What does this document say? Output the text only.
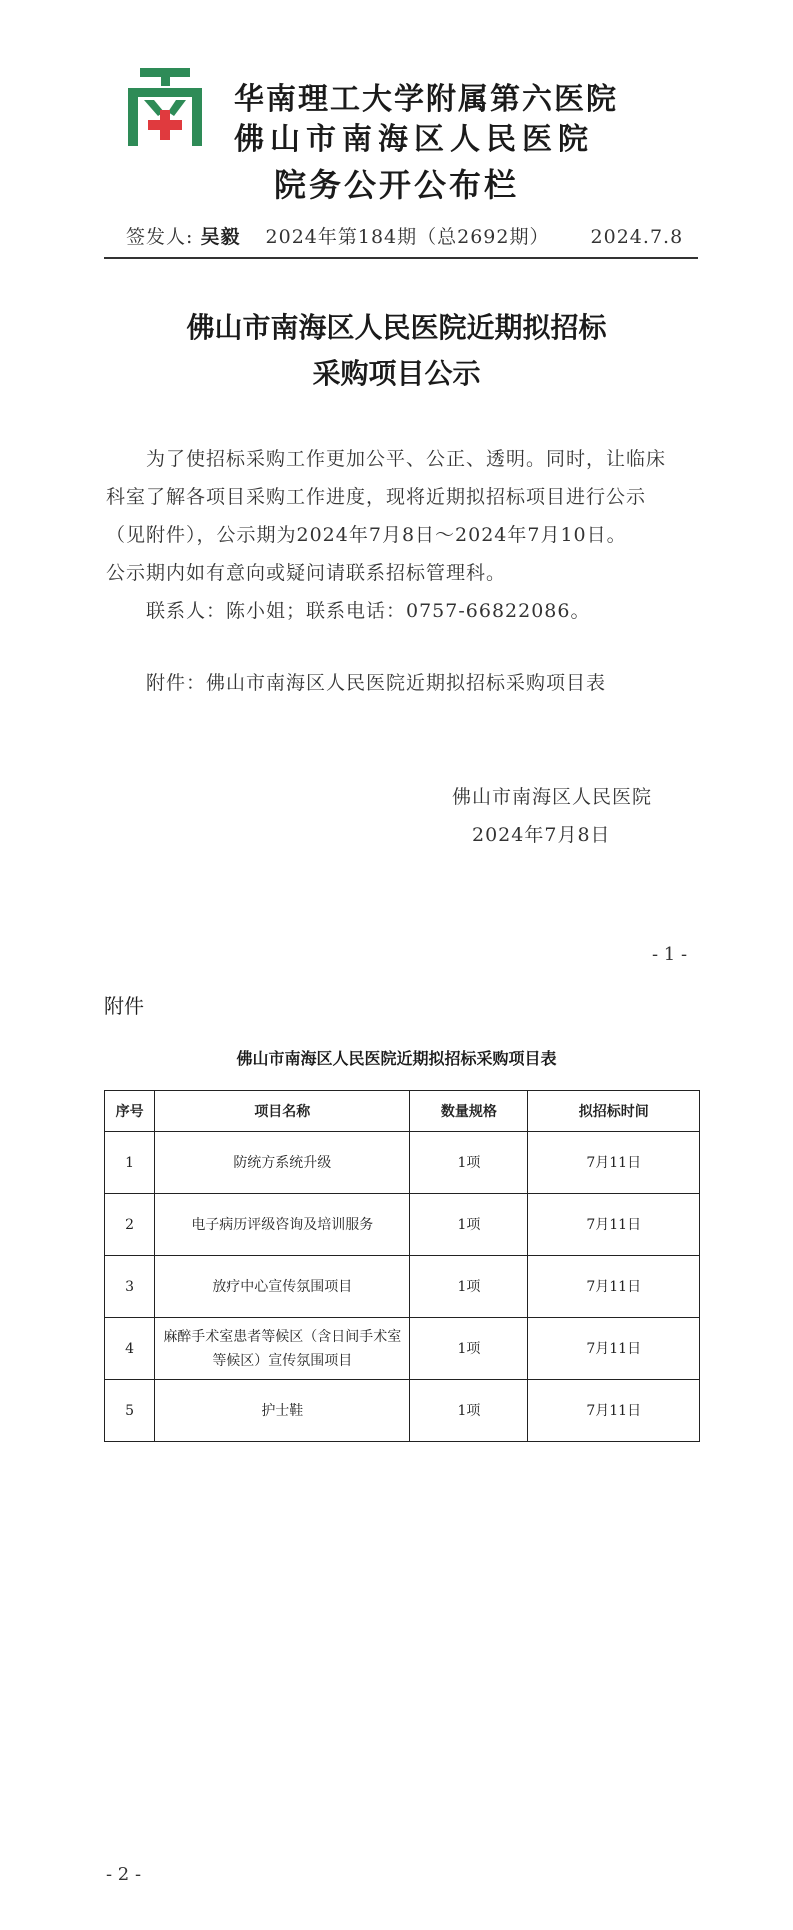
华南理工大学附属第六医院
佛山市南海区人民医院
院务公开公布栏
签发人: 吴毅 2024年第184期（总2692期） 2024.7.8
佛山市南海区人民医院近期拟招标
采购项目公示

为了使招标采购工作更加公平、公正、透明。同时，让临床

科室了解各项目采购工作进度，现将近期拟招标项目进行公示

（见附件），公示期为2024年7月8日～2024年7月10日。

公示期内如有意向或疑问请联系招标管理科。

联系人：陈小姐；联系电话：0757-66822086。

附件：佛山市南海区人民医院近期拟招标采购项目表
佛山市南海区人民医院
2024年7月8日
- 1 -
附件
佛山市南海区人民医院近期拟招标采购项目表
序号	项目名称	数量规格	拟招标时间
1	防统方系统升级	1项	7月11日
2	电子病历评级咨询及培训服务	1项	7月11日
3	放疗中心宣传氛围项目	1项	7月11日
4	麻醉手术室患者等候区（含日间手术室等候区）宣传氛围项目	1项	7月11日
5	护士鞋	1项	7月11日
- 2 -
